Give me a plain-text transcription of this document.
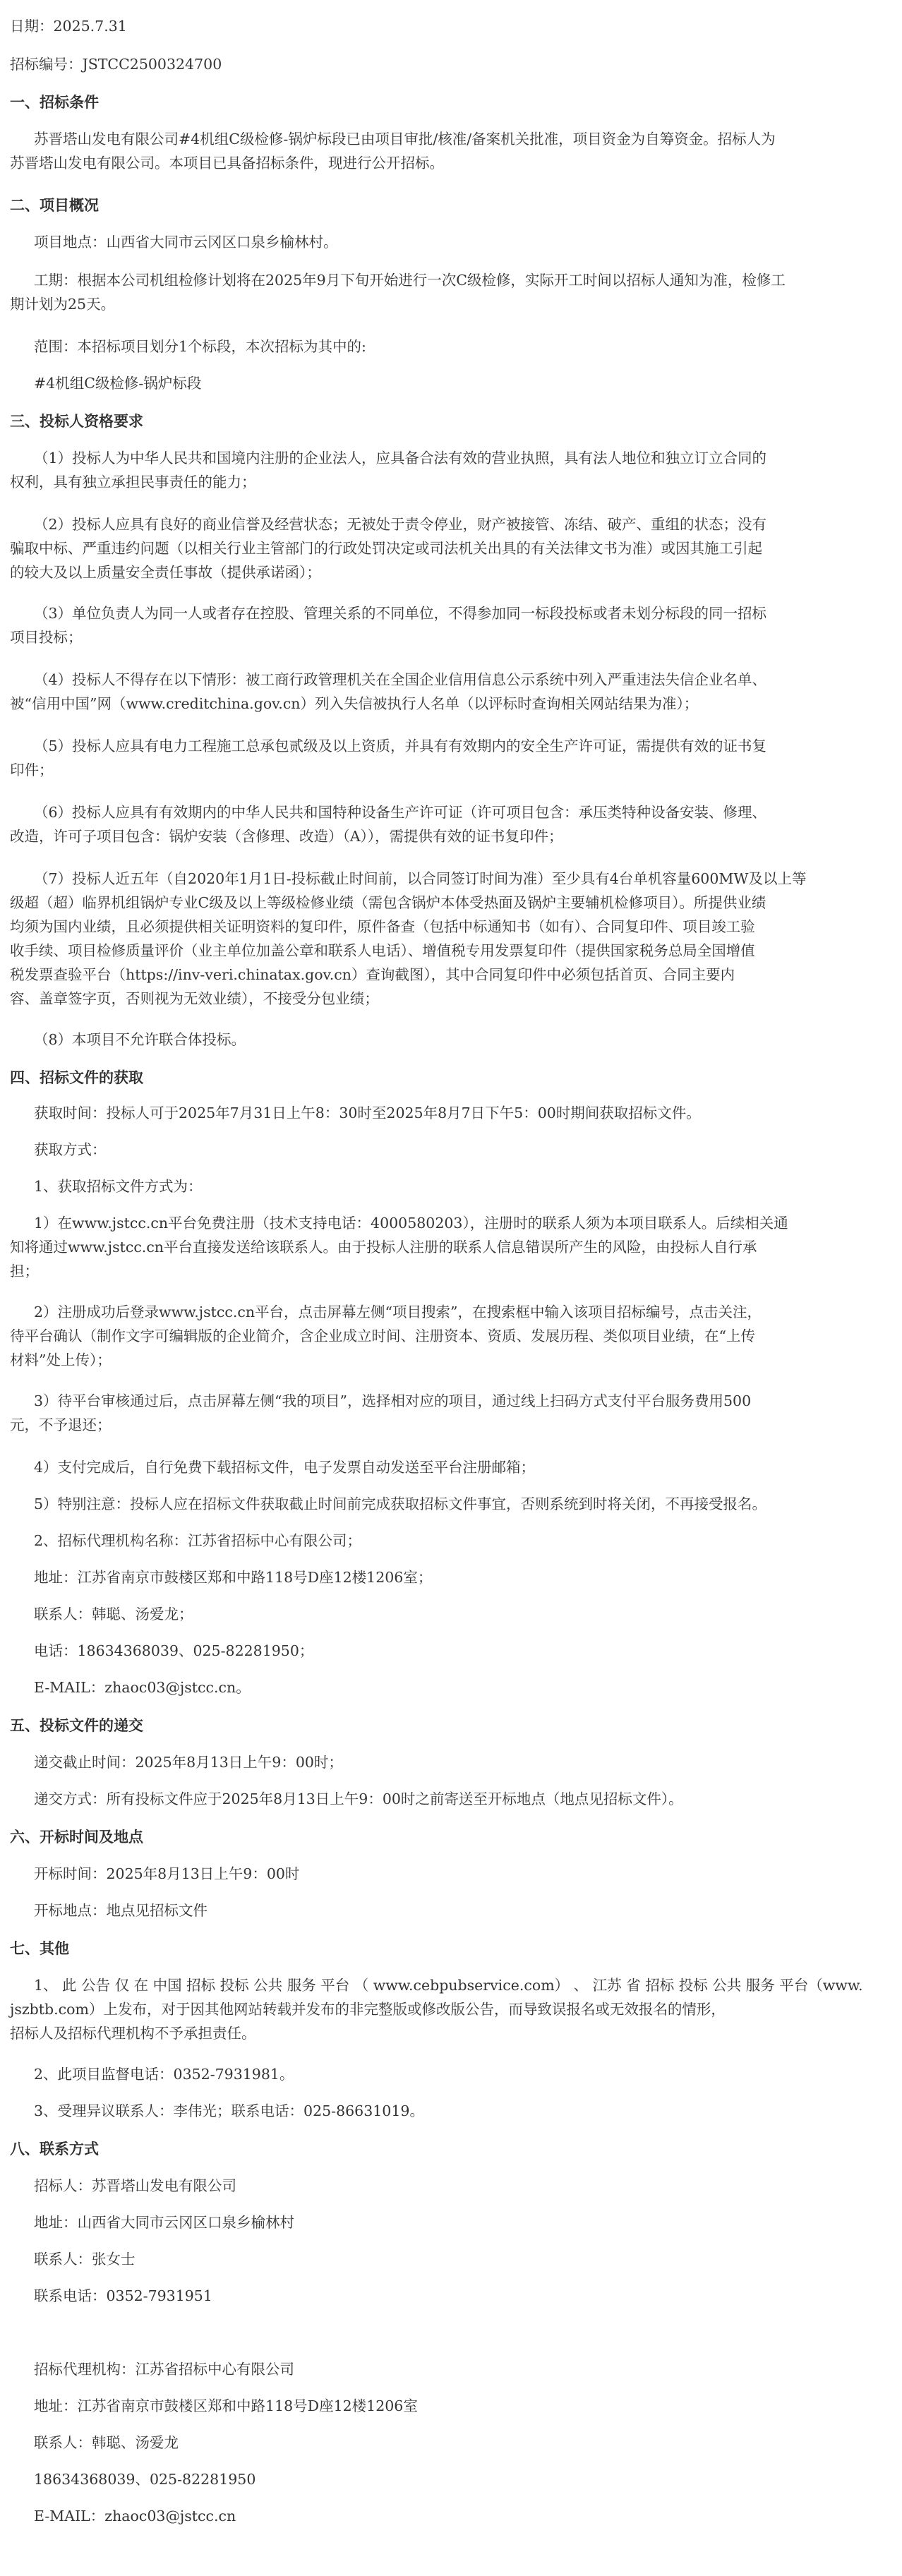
日期：2025.7.31

招标编号：JSTCC2500324700

一、招标条件

苏晋塔山发电有限公司#4机组C级检修-锅炉标段已由项目审批/核准/备案机关批准，项目资金为自筹资金。招标人为
苏晋塔山发电有限公司。本项目已具备招标条件，现进行公开招标。

二、项目概况

项目地点：山西省大同市云冈区口泉乡榆林村。

工期：根据本公司机组检修计划将在2025年9月下旬开始进行一次C级检修，实际开工时间以招标人通知为准，检修工
期计划为25天。

范围：本招标项目划分1个标段，本次招标为其中的:

#4机组C级检修-锅炉标段

三、投标人资格要求

（1）投标人为中华人民共和国境内注册的企业法人，应具备合法有效的营业执照，具有法人地位和独立订立合同的
权利，具有独立承担民事责任的能力；
（2）投标人应具有良好的商业信誉及经营状态；无被处于责令停业，财产被接管、冻结、破产、重组的状态；没有
骗取中标、严重违约问题（以相关行业主管部门的行政处罚决定或司法机关出具的有关法律文书为准）或因其施工引起
的较大及以上质量安全责任事故（提供承诺函）；
（3）单位负责人为同一人或者存在控股、管理关系的不同单位，不得参加同一标段投标或者未划分标段的同一招标
项目投标；
（4）投标人不得存在以下情形：被工商行政管理机关在全国企业信用信息公示系统中列入严重违法失信企业名单、
被“信用中国”网（www.creditchina.gov.cn）列入失信被执行人名单（以评标时查询相关网站结果为准）；
（5）投标人应具有电力工程施工总承包贰级及以上资质，并具有有效期内的安全生产许可证，需提供有效的证书复
印件；
（6）投标人应具有有效期内的中华人民共和国特种设备生产许可证（许可项目包含：承压类特种设备安装、修理、
改造，许可子项目包含：锅炉安装（含修理、改造）（A）），需提供有效的证书复印件；
（7）投标人近五年（自2020年1月1日-投标截止时间前，以合同签订时间为准）至少具有4台单机容量600MW及以上等
级超（超）临界机组锅炉专业C级及以上等级检修业绩（需包含锅炉本体受热面及锅炉主要辅机检修项目）。所提供业绩
均须为国内业绩，且必须提供相关证明资料的复印件，原件备查（包括中标通知书（如有）、合同复印件、项目竣工验
收手续、项目检修质量评价（业主单位加盖公章和联系人电话）、增值税专用发票复印件（提供国家税务总局全国增值
税发票查验平台（https://inv-veri.chinatax.gov.cn）查询截图），其中合同复印件中必须包括首页、合同主要内
容、盖章签字页，否则视为无效业绩），不接受分包业绩；

（8）本项目不允许联合体投标。

四、招标文件的获取

获取时间：投标人可于2025年7月31日上午8：30时至2025年8月7日下午5：00时期间获取招标文件。

获取方式：

1、获取招标文件方式为：

1）在www.jstcc.cn平台免费注册（技术支持电话：4000580203），注册时的联系人须为本项目联系人。后续相关通
知将通过www.jstcc.cn平台直接发送给该联系人。由于投标人注册的联系人信息错误所产生的风险，由投标人自行承
担；
2）注册成功后登录www.jstcc.cn平台，点击屏幕左侧“项目搜索”，在搜索框中输入该项目招标编号，点击关注，
待平台确认（制作文字可编辑版的企业简介，含企业成立时间、注册资本、资质、发展历程、类似项目业绩，在“上传
材料”处上传）；
3）待平台审核通过后，点击屏幕左侧“我的项目”，选择相对应的项目，通过线上扫码方式支付平台服务费用500
元，不予退还；

4）支付完成后，自行免费下载招标文件，电子发票自动发送至平台注册邮箱；

5）特别注意：投标人应在招标文件获取截止时间前完成获取招标文件事宜，否则系统到时将关闭，不再接受报名。

2、招标代理机构名称：江苏省招标中心有限公司；

地址：江苏省南京市鼓楼区郑和中路118号D座12楼1206室；

联系人：韩聪、汤爱龙；

电话：18634368039、025-82281950；

E-MAIL：zhaoc03@jstcc.cn。

五、投标文件的递交

递交截止时间：2025年8月13日上午9：00时；

递交方式：所有投标文件应于2025年8月13日上午9：00时之前寄送至开标地点（地点见招标文件）。

六、开标时间及地点

开标时间：2025年8月13日上午9：00时

开标地点：地点见招标文件

七、其他

1、 此 公告 仅 在 中国 招标 投标 公共 服务 平台 （ www.cebpubservice.com） 、 江苏 省 招标 投标 公共 服务 平台（www.
jszbtb.com）上发布，对于因其他网站转载并发布的非完整版或修改版公告，而导致误报名或无效报名的情形，
招标人及招标代理机构不予承担责任。

2、此项目监督电话：0352-7931981。

3、受理异议联系人：李伟光；联系电话：025-86631019。

八、联系方式

招标人：苏晋塔山发电有限公司

地址：山西省大同市云冈区口泉乡榆林村

联系人：张女士

联系电话：0352-7931951

招标代理机构：江苏省招标中心有限公司

地址：江苏省南京市鼓楼区郑和中路118号D座12楼1206室

联系人：韩聪、汤爱龙

18634368039、025-82281950

E-MAIL：zhaoc03@jstcc.cn
